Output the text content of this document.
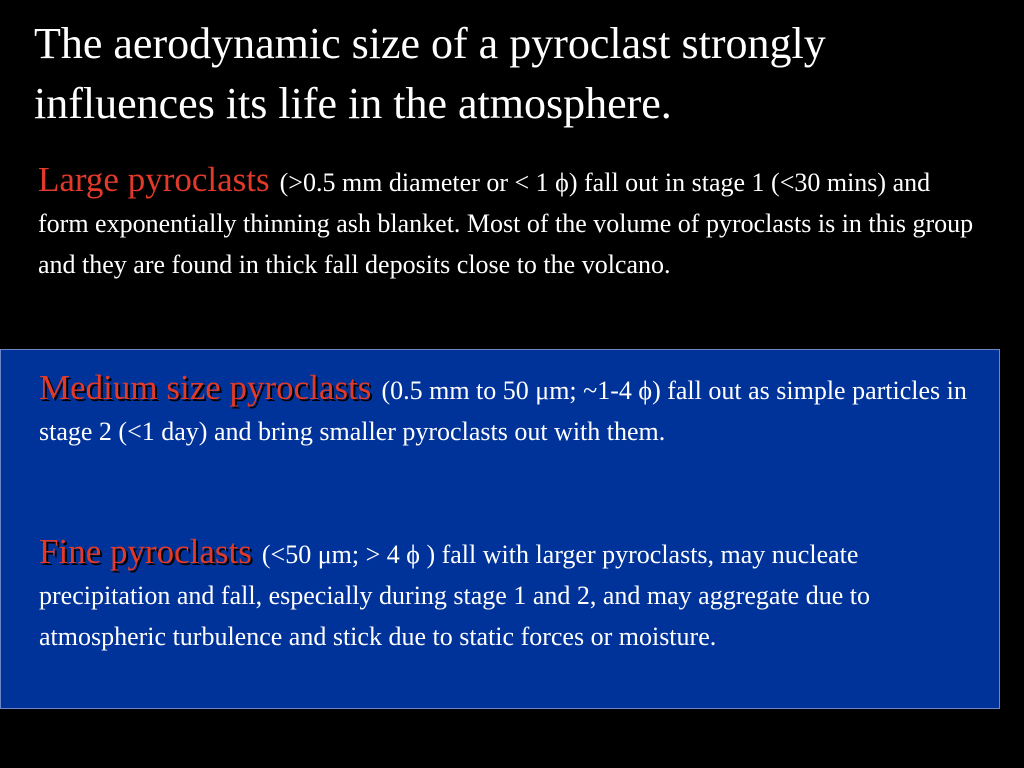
The aerodynamic size of a pyroclast strongly influences its life in the atmosphere.

Large pyroclasts (>0.5 mm diameter or < 1 ϕ) fall out in stage 1 (<30 mins) and form exponentially thinning ash blanket. Most of the volume of pyroclasts is in this group and they are found in thick fall deposits close to the volcano.

Medium size pyroclasts (0.5 mm to 50 μm; ~1-4 ϕ) fall out as simple particles in stage 2 (<1 day) and bring smaller pyroclasts out with them.

Fine pyroclasts (<50 μm; > 4 ϕ ) fall with larger pyroclasts, may nucleate precipitation and fall, especially during stage 1 and 2, and may aggregate due to atmospheric turbulence and stick due to static forces or moisture.
